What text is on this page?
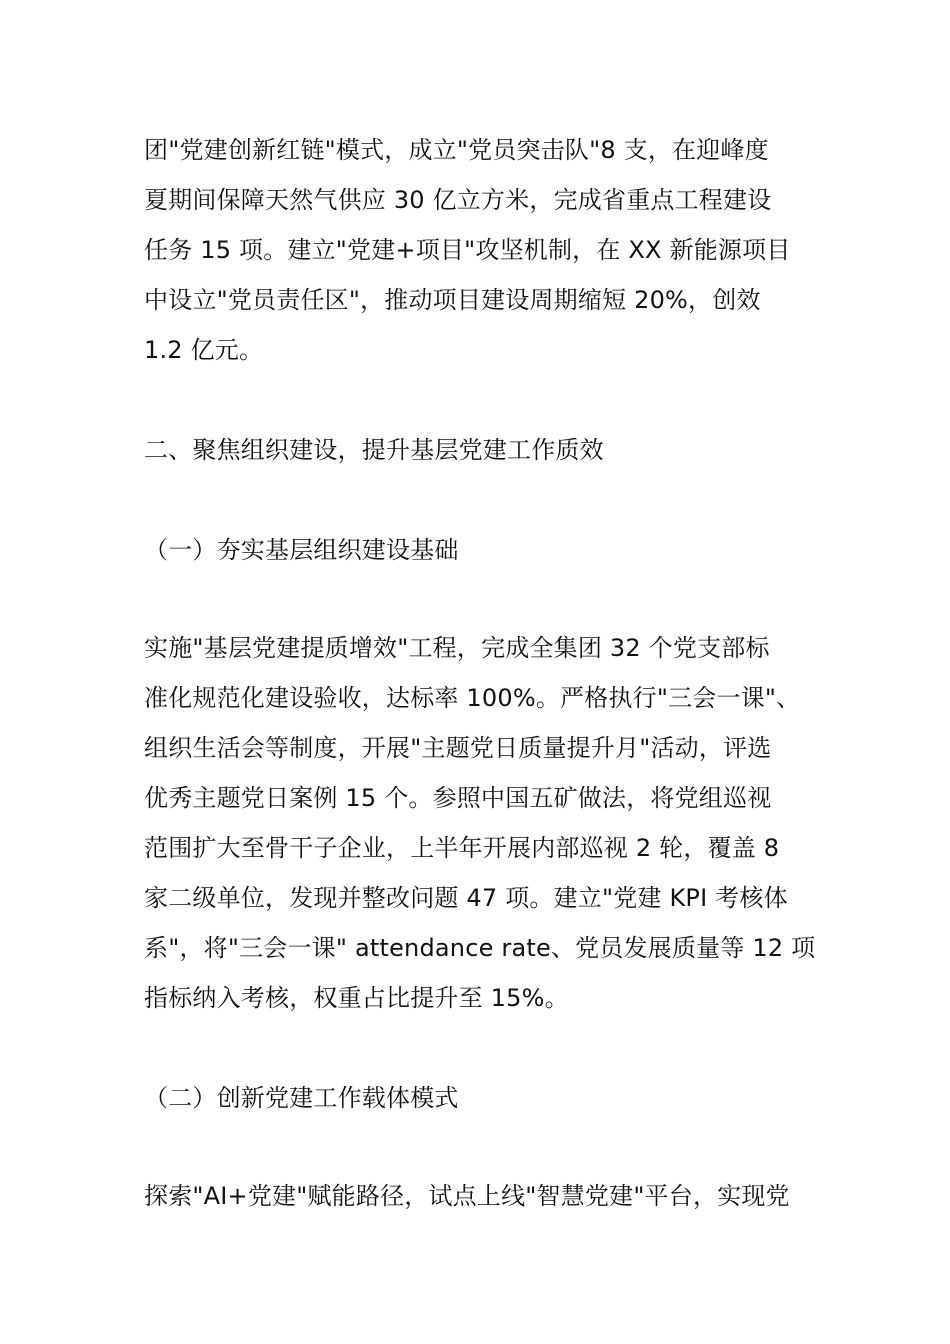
团"党建创新红链"模式，成立"党员突击队"8 支，在迎峰度
夏期间保障天然气供应 30 亿立方米，完成省重点工程建设
任务 15 项。建立"党建+项目"攻坚机制，在 XX 新能源项目
中设立"党员责任区"，推动项目建设周期缩短 20%，创效
1.2 亿元。
二、聚焦组织建设，提升基层党建工作质效
（一）夯实基层组织建设基础
实施"基层党建提质增效"工程，完成全集团 32 个党支部标
准化规范化建设验收，达标率 100%。严格执行"三会一课"、
组织生活会等制度，开展"主题党日质量提升月"活动，评选
优秀主题党日案例 15 个。参照中国五矿做法，将党组巡视
范围扩大至骨干子企业，上半年开展内部巡视 2 轮，覆盖 8
家二级单位，发现并整改问题 47 项。建立"党建 KPI 考核体
系"，将"三会一课" attendance rate、党员发展质量等 12 项
指标纳入考核，权重占比提升至 15%。
（二）创新党建工作载体模式
探索"AI+党建"赋能路径，试点上线"智慧党建"平台，实现党
